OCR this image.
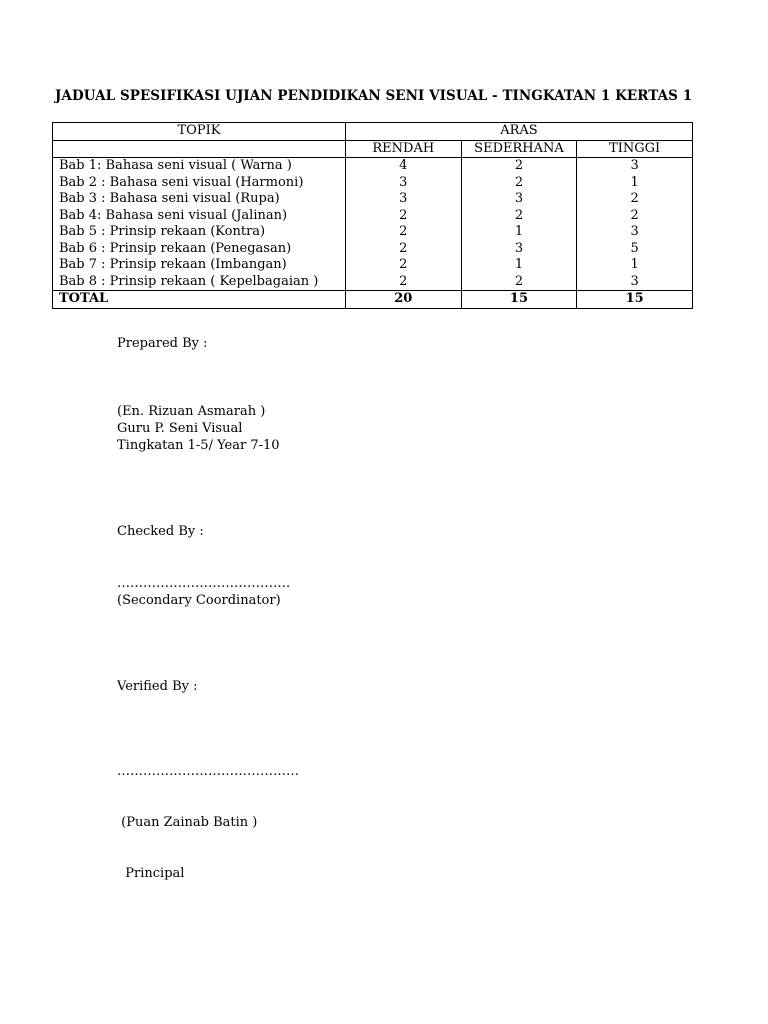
JADUAL SPESIFIKASI UJIAN PENDIDIKAN SENI VISUAL - TINGKATAN 1 KERTAS 1
TOPIK	ARAS		
	RENDAH	SEDERHANA	TINGGI
Bab 1: Bahasa seni visual ( Warna )	4	2	3
Bab 2 : Bahasa seni visual (Harmoni)	3	2	1
Bab 3 : Bahasa seni visual (Rupa)	3	3	2
Bab 4: Bahasa seni visual (Jalinan)	2	2	2
Bab 5 : Prinsip rekaan (Kontra)	2	1	3
Bab 6 : Prinsip rekaan (Penegasan)	2	3	5
Bab 7 : Prinsip rekaan (Imbangan)	2	1	1
Bab 8 : Prinsip rekaan ( Kepelbagaian )	2	2	3
TOTAL	20	15	15
Prepared By :
(En. Rizuan Asmarah )
Guru P. Seni Visual
Tingkatan 1-5/ Year 7-10
Checked By :
………………………………….
(Secondary Coordinator)
Verified By :

……………………………………

(Puan Zainab Batin )

Principal
